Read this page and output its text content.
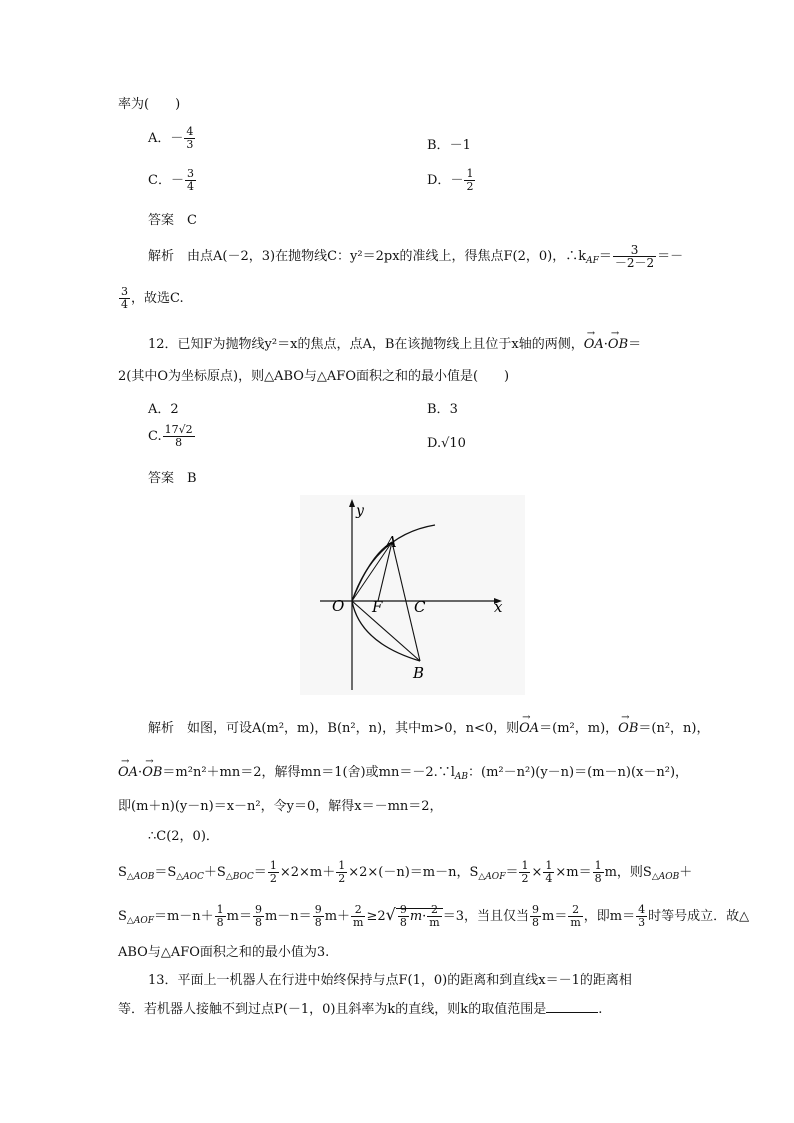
率为(　　)
A．－ $\frac{4}{3}$	B．－1
C．－ $\frac{3}{4}$	D．－ $\frac{1}{2}$
答案　 C
解析　 由点A(－2，3)在抛物线C：y²＝2px的准线上，得焦点F(2，0)，$\therefore k_{AF}= \frac{3}{-2-2}$ ＝－
$\frac{3}{4}$ ，故选C.
12．已知F为抛物线y²＝x的焦点，点A，B在该抛物线上且位于x轴的两侧，→ OA·→ OB＝
2(其中O为坐标原点)，则△ABO与△AFO面积之和的最小值是(　　)
A．2	B．3
C. $\frac{17√2}{8}$	D.√10
答案　 B
y
x
O F C
A
B
解析　 如图，可设A(m²，m)，B(n²，n)，其中m>0，n<0，则→ OA＝(m²，m)，→ OB＝(n²，n)，
→ OA·→ OB＝m²n²＋mn＝2，解得mn＝1(舍)或$mn=-2.\because l_{AB}$：(m²－n²)(y－n)＝(m－n)(x－n²)，
即(m＋n)(y－n)＝x－n²，令y＝0，解得x＝－mn＝2，
∴C(2，0)．
$S_{\triangle AOB}=S_{\triangle AOC}+S_{\triangle BOC}= \frac{1}{2} \times 2\times m+ \frac{1}{2} \times 2\times(-n)=m-n$，$S_{\triangle AOF}= \frac{1}{2} \times \frac{1}{4} \times m= \frac{1}{8}$ m，则$S_{\triangle AOB}+$
$S_{\triangle AOF}=m-n+ \frac{1}{8} m= \frac{9}{8} m-n= \frac{9}{8} m+ \frac{2}{m} \ge 2√ \frac{9}{8} m\cdot \frac{2}{m} =3$，当且仅当 $\frac{9}{8} m= \frac{2}{m}$ ，即$m= \frac{4}{3}$ 时等号成立．故△
ABO与△AFO面积之和的最小值为3.
13．平面上一机器人在行进中始终保持与点F(1，0)的距离和到直线x＝－1的距离相
等．若机器人接触不到过点P(－1，0)且斜率为k的直线，则k的取值范围是	.
